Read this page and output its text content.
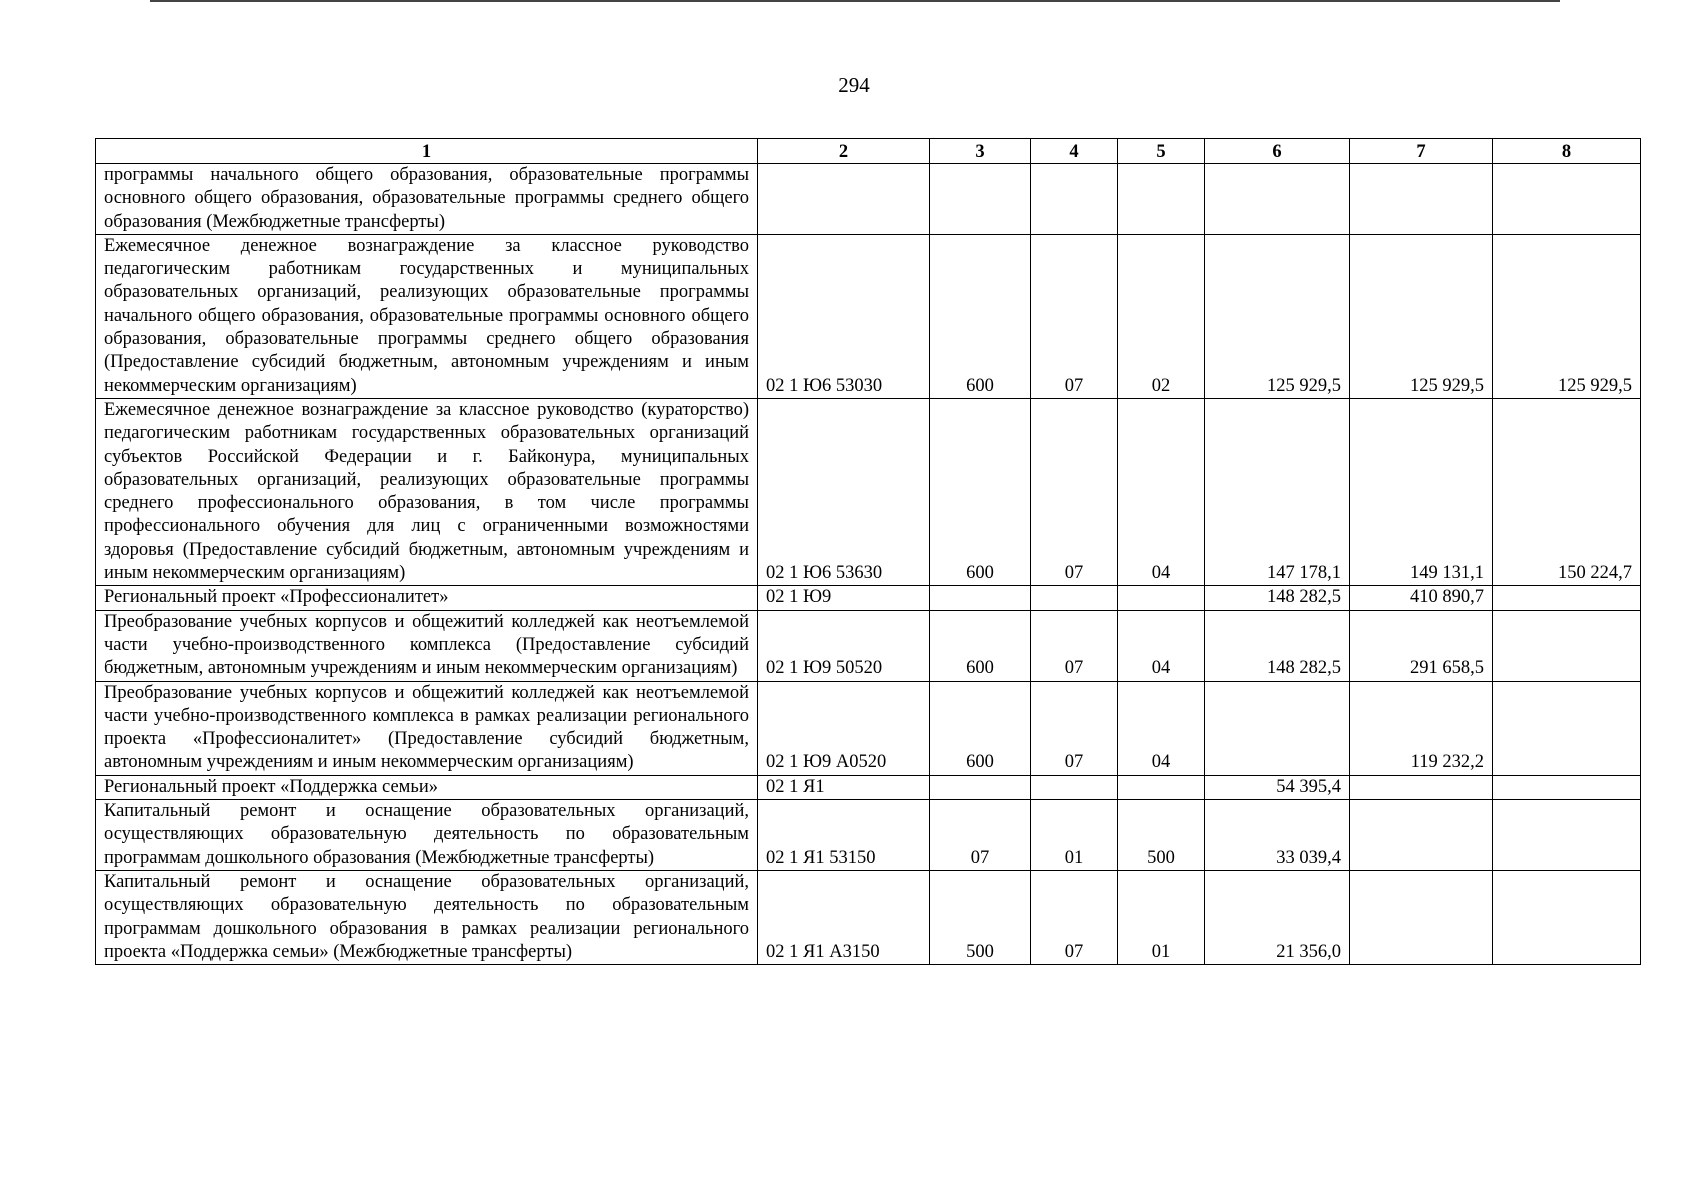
294
1	2	3	4	5	6	7	8
программы начального общего образования, образовательные программы основного общего образования, образовательные программы среднего общего образования (Межбюджетные трансферты)							
Ежемесячное денежное вознаграждение за классное руководство педагогическим работникам государственных и муниципальных образовательных организаций, реализующих образовательные программы начального общего образования, образовательные программы основного общего образования, образовательные программы среднего общего образования (Предоставление субсидий бюджетным, автономным учреждениям и иным некоммерческим организациям)	02 1 Ю6 53030	600	07	02	125 929,5	125 929,5	125 929,5
Ежемесячное денежное вознаграждение за классное руководство (кураторство) педагогическим работникам государственных образовательных организаций субъектов Российской Федерации и г. Байконура, муниципальных образовательных организаций, реализующих образовательные программы среднего профессионального образования, в том числе программы профессионального обучения для лиц с ограниченными возможностями здоровья (Предоставление субсидий бюджетным, автономным учреждениям и иным некоммерческим организациям)	02 1 Ю6 53630	600	07	04	147 178,1	149 131,1	150 224,7
Региональный проект «Профессионалитет»	02 1 Ю9				148 282,5	410 890,7	
Преобразование учебных корпусов и общежитий колледжей как неотъемлемой части учебно-производственного комплекса (Предоставление субсидий бюджетным, автономным учреждениям и иным некоммерческим организациям)	02 1 Ю9 50520	600	07	04	148 282,5	291 658,5	
Преобразование учебных корпусов и общежитий колледжей как неотъемлемой части учебно-производственного комплекса в рамках реализации регионального проекта «Профессионалитет» (Предоставление субсидий бюджетным, автономным учреждениям и иным некоммерческим организациям)	02 1 Ю9 А0520	600	07	04		119 232,2	
Региональный проект «Поддержка семьи»	02 1 Я1				54 395,4		
Капитальный ремонт и оснащение образовательных организаций, осуществляющих образовательную деятельность по образовательным программам дошкольного образования (Межбюджетные трансферты)	02 1 Я1 53150	07	01	500	33 039,4		
Капитальный ремонт и оснащение образовательных организаций, осуществляющих образовательную деятельность по образовательным программам дошкольного образования в рамках реализации регионального проекта «Поддержка семьи» (Межбюджетные трансферты)	02 1 Я1 А3150	500	07	01	21 356,0		
